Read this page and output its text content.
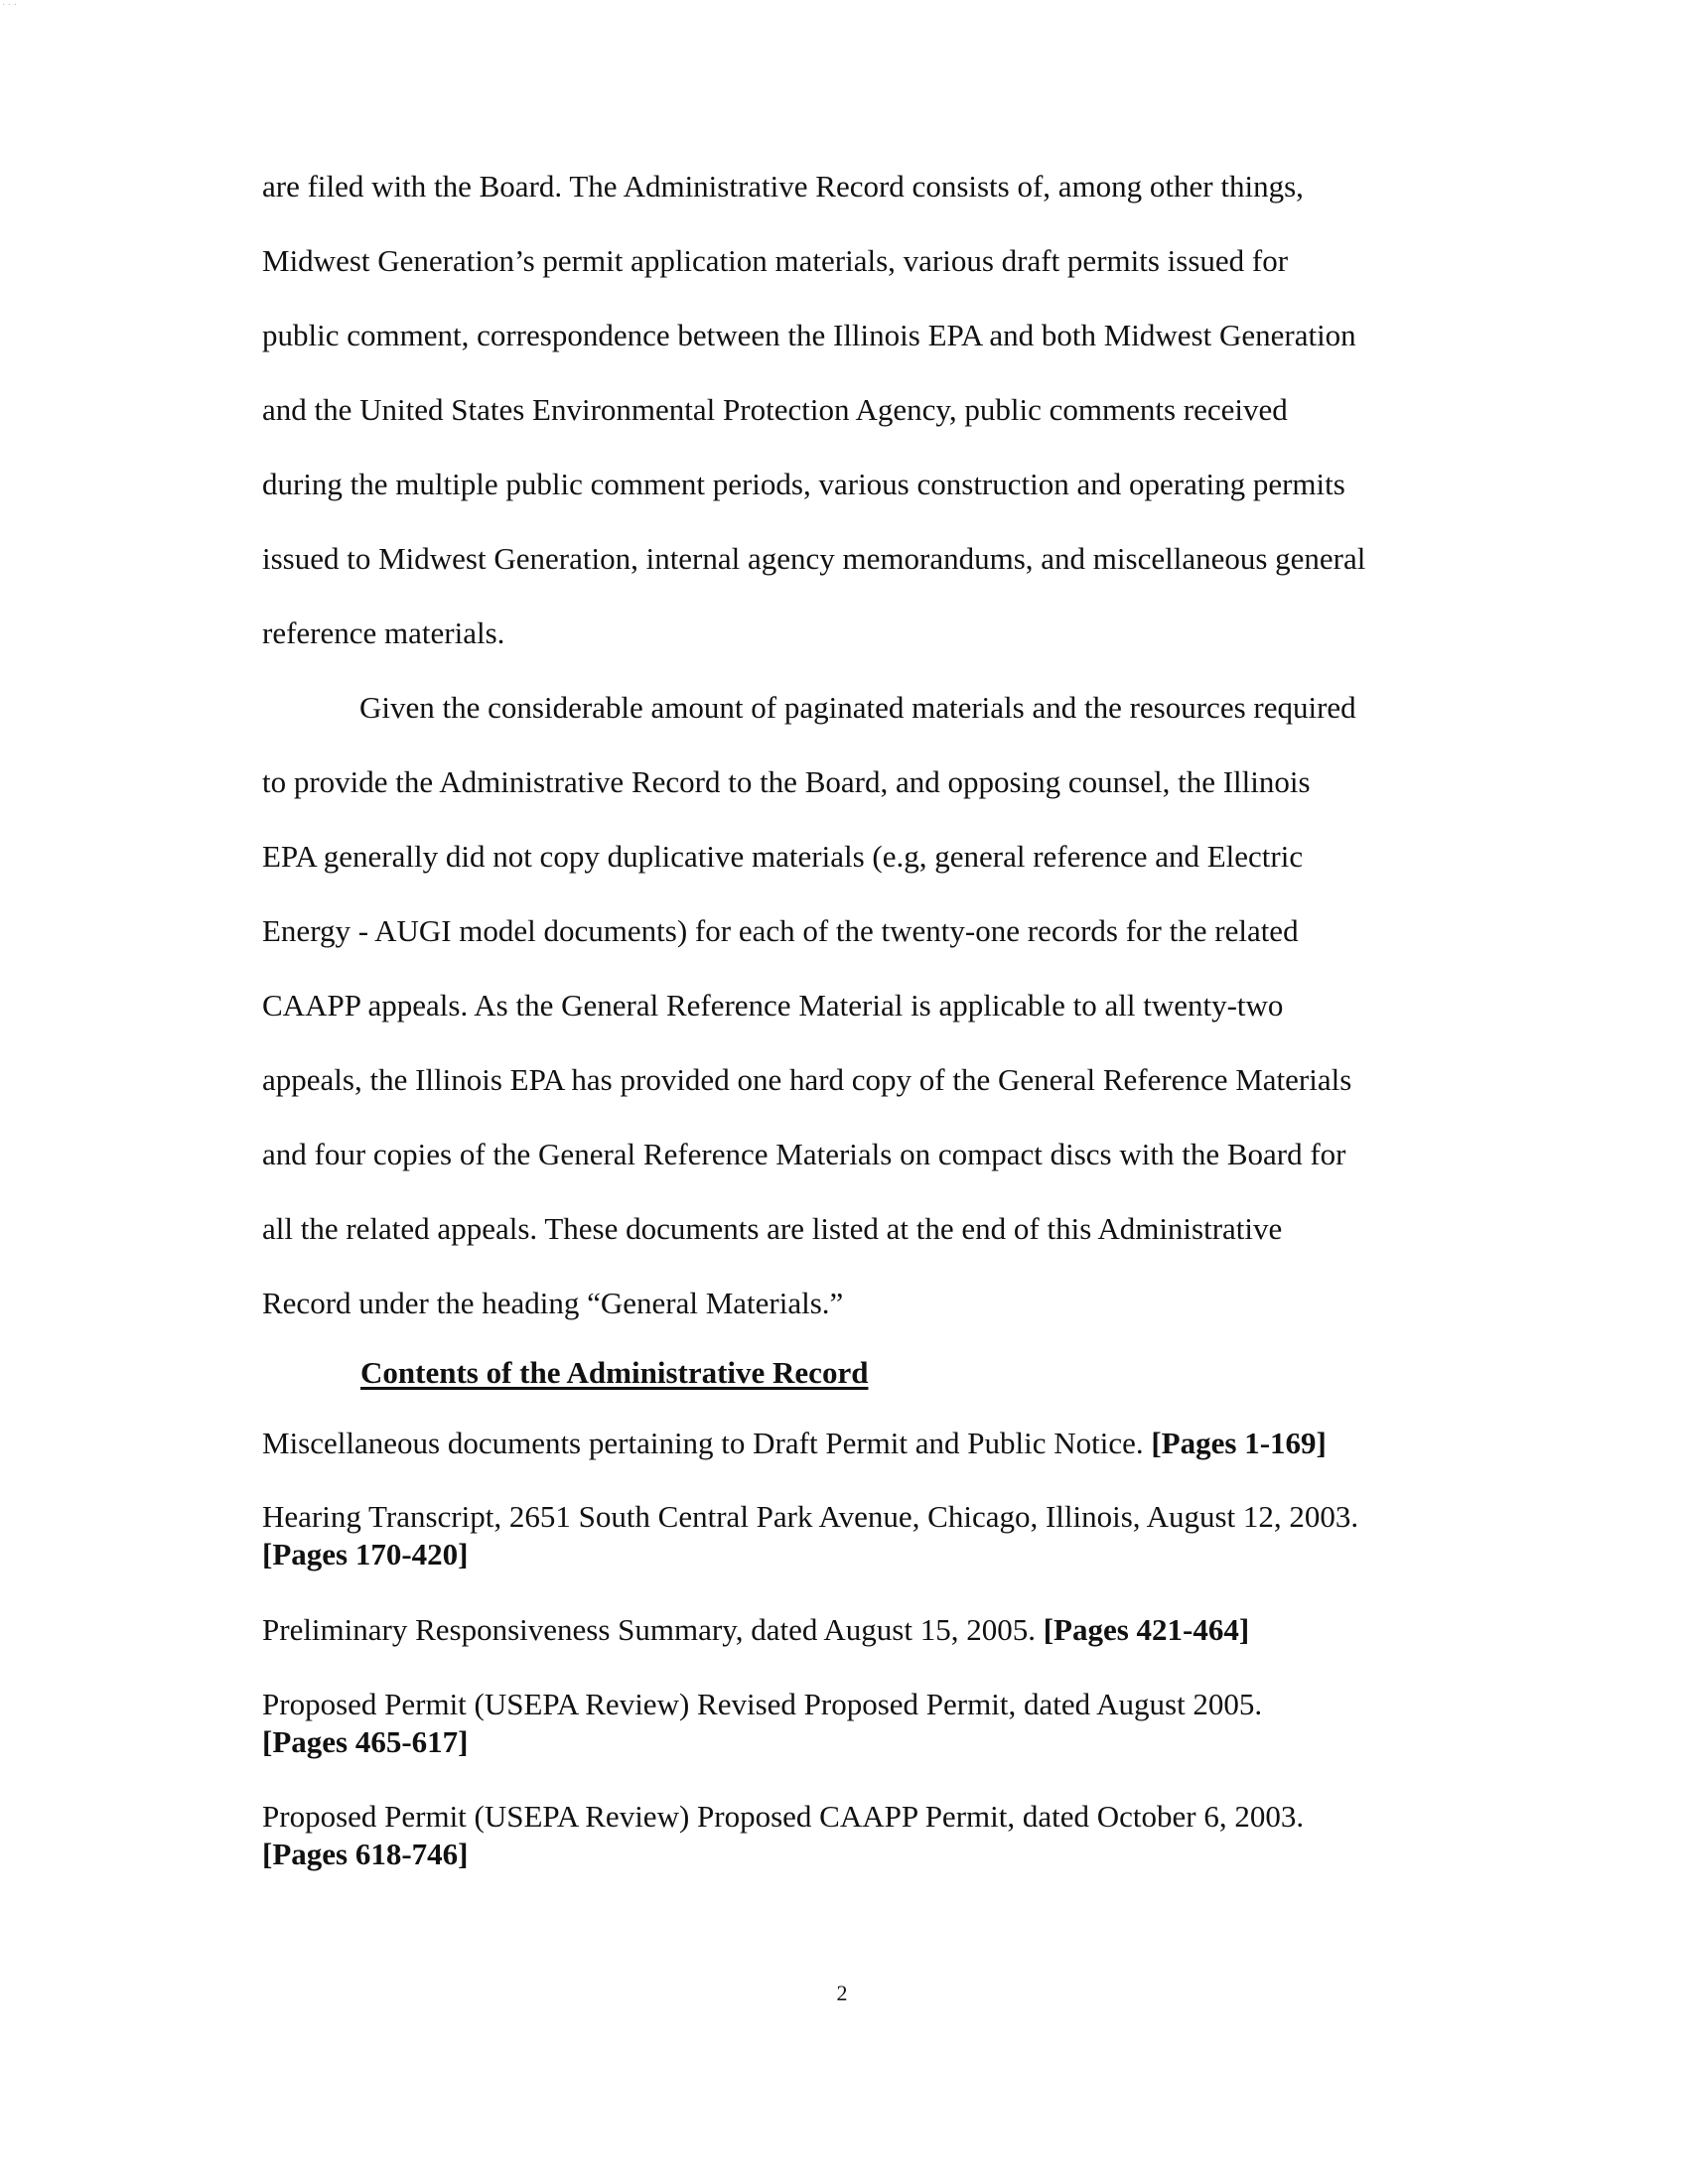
· · ·
are filed with the Board. The Administrative Record consists of, among other things,
Midwest Generation’s permit application materials, various draft permits issued for
public comment, correspondence between the Illinois EPA and both Midwest Generation
and the United States Environmental Protection Agency, public comments received
during the multiple public comment periods, various construction and operating permits
issued to Midwest Generation, internal agency memorandums, and miscellaneous general
reference materials.
Given the considerable amount of paginated materials and the resources required
to provide the Administrative Record to the Board, and opposing counsel, the Illinois
EPA generally did not copy duplicative materials (e.g, general reference and Electric
Energy - AUGI model documents) for each of the twenty-one records for the related
CAAPP appeals. As the General Reference Material is applicable to all twenty-two
appeals, the Illinois EPA has provided one hard copy of the General Reference Materials
and four copies of the General Reference Materials on compact discs with the Board for
all the related appeals. These documents are listed at the end of this Administrative
Record under the heading “General Materials.”
Contents of the Administrative Record
Miscellaneous documents pertaining to Draft Permit and Public Notice. [Pages 1-169]
Hearing Transcript, 2651 South Central Park Avenue, Chicago, Illinois, August 12, 2003.
[Pages 170-420]
Preliminary Responsiveness Summary, dated August 15, 2005. [Pages 421-464]
Proposed Permit (USEPA Review) Revised Proposed Permit, dated August 2005.
[Pages 465-617]
Proposed Permit (USEPA Review) Proposed CAAPP Permit, dated October 6, 2003.
[Pages 618-746]
2
